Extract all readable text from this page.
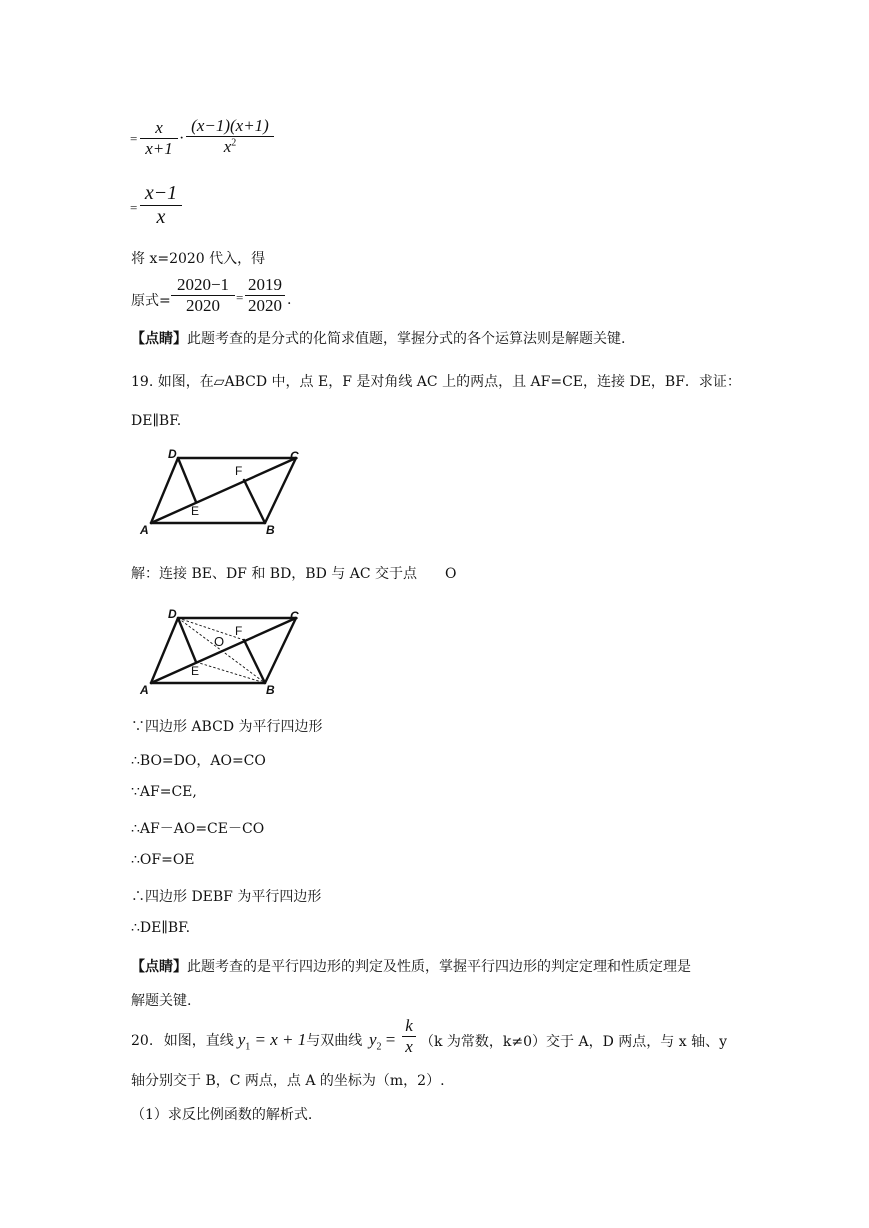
=
x
x+1
·
(x−1)(x+1)
$x^2$
=
x−1
x
将 x=2020 代入，得
原式=
2020−1
2020	=
2019
2020 .
【点睛】此题考查的是分式的化简求值题，掌握分式的各个运算法则是解题关键.
19. 如图，在▱ABCD 中，点 E，F 是对角线 AC 上的两点，且 AF=CE，连接 DE，BF．求证：
DE∥BF.
D	C
A	B
E
F
解：连接 BE、DF 和 BD，BD 与 AC 交于点 O
D	C
A	B
E
F
O
∵四边形 ABCD 为平行四边形
∴BO=DO，AO=CO
∵AF=CE,
∴AF－AO=CE－CO
∴OF=OE
∴四边形 DEBF 为平行四边形
∴DE∥BF.
【点睛】此题考查的是平行四边形的判定及性质，掌握平行四边形的判定定理和性质定理是
解题关键.
20. 如图，直线 $y_1 = x + 1$与双曲线 $y_2$ =
k
x （k 为常数，k≠0）交于 A，D 两点，与 x 轴、y
轴分别交于 B，C 两点，点 A 的坐标为（m，2）.
（1）求反比例函数的解析式.
